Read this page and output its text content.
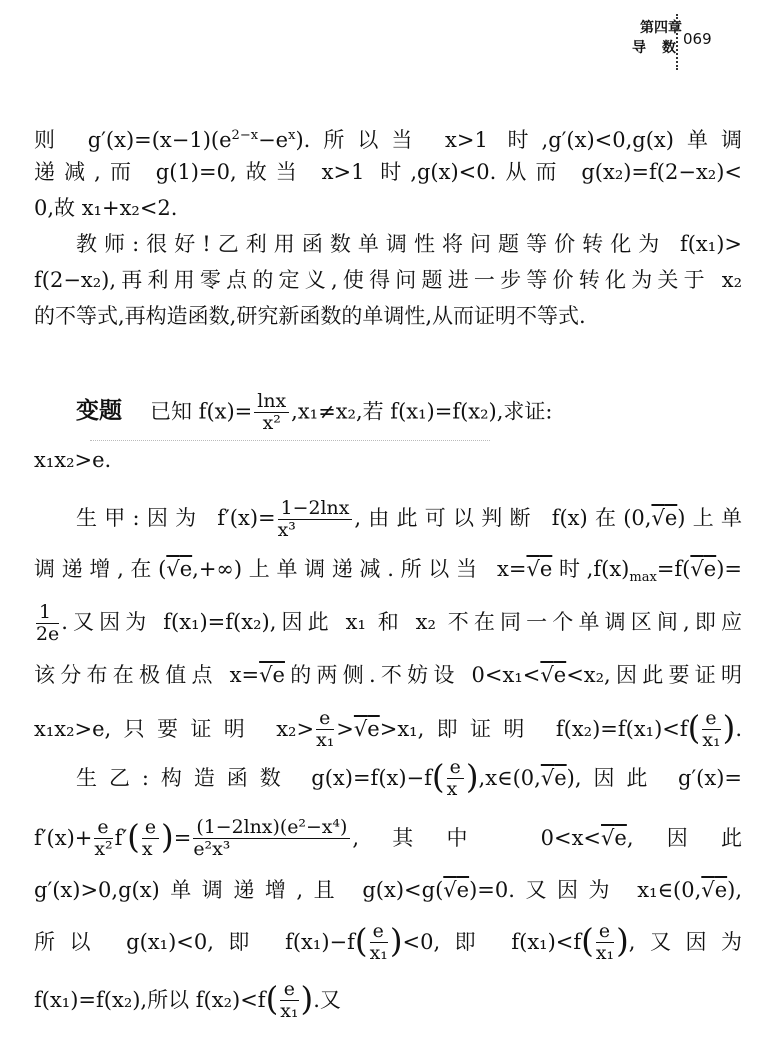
第四章
导数
069
则 $g'(x)=(x-1)(e^{2-x}-e^x)$.所以当 x>1 时,g′(x)<0,g(x)单调
递减,而 g(1)=0,故当 x>1 时,g(x)<0.从而 g(x₂)=f(2−x₂)<
0,故 x₁+x₂<2.
教师:很好!乙利用函数单调性将问题等价转化为 f(x₁)>
f(2−x₂),再利用零点的定义,使得问题进一步等价转化为关于 x₂
的不等式,再构造函数,研究新函数的单调性,从而证明不等式.
变题 已知 $f(x)= \frac{\ln x}{\text{x²}} ,x_1\ne x_2$,若 f(x₁)=f(x₂),求证:
x₁x₂>e.
生甲:因为 $f'(x)= \frac{1-2\ln x}{\text{x³}}$ ,由此可以判断 f(x)在(0,√e)上单
调递增,在(√e,+∞)上单调递减.所以当 x=√e时$,f(x)_{max}=f(√e)=$
$\frac{1}{2e}$ .又因为 f(x₁)=f(x₂),因此 x₁ 和 x₂ 不在同一个单调区间,即应
该分布在极值点 x=√e的两侧.不妨设 0<x₁<√e<x₂,因此要证明
x₁x₂>e,只要证明 $x_2> \frac{e}{\text{x₁}} >√e>x_1$,即证明 $f(x_2)=f(x_1)<f( \frac{e}{\text{x₁}}$ ).
生乙:构造函数 $g(x)=f(x)-f( \frac{e}{x}$ ),x∈(0,√e),因此 g′(x)=
$f'(x)+ \frac{e}{\text{x²}} f'( \frac{e}{x}$ )= $\frac{\text{(1−2lnx)(e²−x⁴)}}{\text{e²x³}}$ ,其中 0<x<√e,因此
g′(x)>0,g(x)单调递增,且 g(x)<g(√e)=0.又因为 x₁∈(0,√e),
所以 g(x₁)<0,即 $f(x_1)-f( \frac{e}{\text{x₁}} )<0$,即 $f(x_1)<f( \frac{e}{\text{x₁}}$ ),又因为
f(x₁)=f(x₂),所以 $f(x_2)<f( \frac{e}{\text{x₁}}$ ).又
